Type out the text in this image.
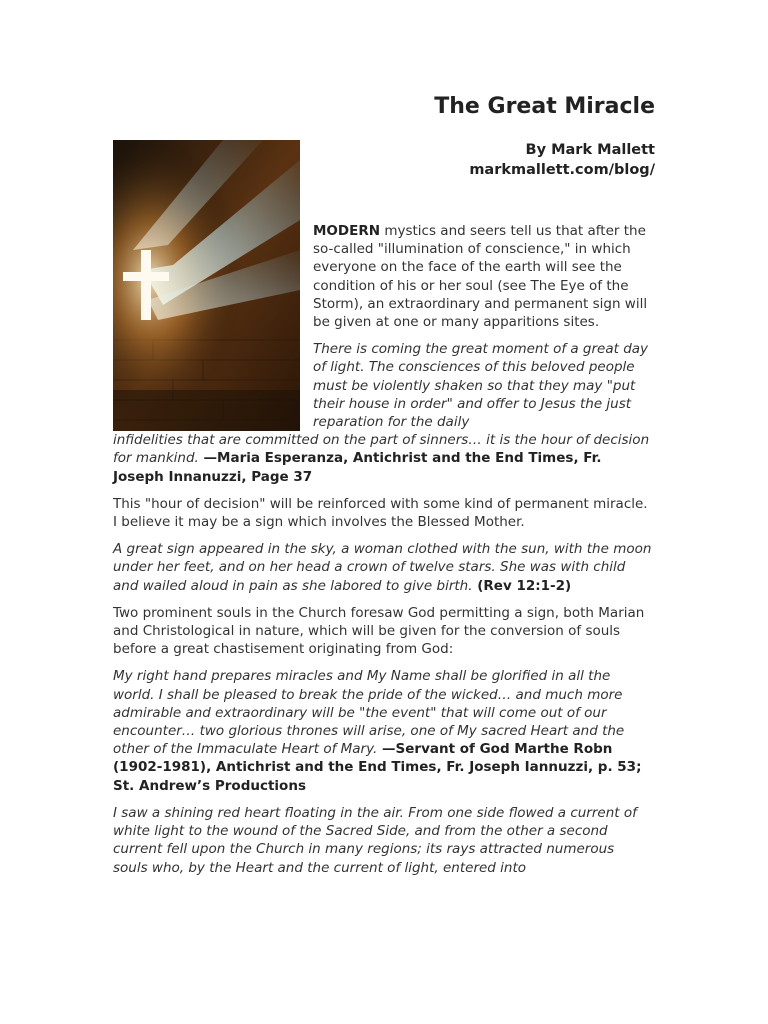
The Great Miracle
By Mark Mallett
markmallett.com/blog/

MODERN mystics and seers tell us that after the so-called "illumination of conscience," in which everyone on the face of the earth will see the condition of his or her soul (see The Eye of the Storm), an extraordinary and permanent sign will be given at one or many apparitions sites.

There is coming the great moment of a great day of light. The consciences of this beloved people must be violently shaken so that they may "put their house in order" and offer to Jesus the just reparation for the daily

infidelities that are committed on the part of sinners… it is the hour of decision for mankind. —Maria Esperanza, Antichrist and the End Times, Fr. Joseph Innanuzzi, Page 37

This "hour of decision" will be reinforced with some kind of permanent miracle. I believe it may be a sign which involves the Blessed Mother.

A great sign appeared in the sky, a woman clothed with the sun, with the moon under her feet, and on her head a crown of twelve stars. She was with child and wailed aloud in pain as she labored to give birth. (Rev 12:1-2)

Two prominent souls in the Church foresaw God permitting a sign, both Marian and Christological in nature, which will be given for the conversion of souls before a great chastisement originating from God:

My right hand prepares miracles and My Name shall be glorified in all the world. I shall be pleased to break the pride of the wicked… and much more admirable and extraordinary will be "the event" that will come out of our encounter… two glorious thrones will arise, one of My sacred Heart and the other of the Immaculate Heart of Mary. —Servant of God Marthe Robn (1902-1981), Antichrist and the End Times, Fr. Joseph Iannuzzi, p. 53; St. Andrew’s Productions

I saw a shining red heart floating in the air. From one side flowed a current of white light to the wound of the Sacred Side, and from the other a second current fell upon the Church in many regions; its rays attracted numerous souls who, by the Heart and the current of light, entered into
